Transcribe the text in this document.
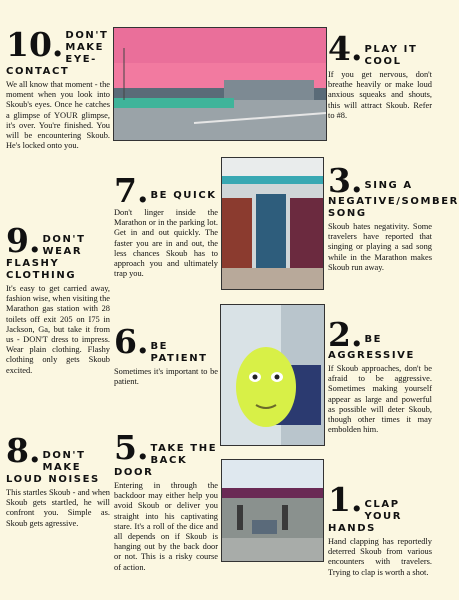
10. DON'T MAKE EYE-CONTACT
We all know that moment - the moment when you look into Skoub's eyes. Once he catches a glimpse of YOUR glimpse, it's over. You're finished. You will be encountering Skoub. He's locked onto you.
4. PLAY IT COOL
If you get nervous, don't breathe heavily or make loud anxious squeaks and shouts, this will attract Skoub. Refer to #8.
7. BE QUICK
Don't linger inside the Marathon or in the parking lot. Get in and out quickly. The faster you are in and out, the less chances Skoub has to approach you and ultimately trap you.
3. SING A NEGATIVE/SOMBER SONG
Skoub hates negativity. Some travelers have reported that singing or playing a sad song while in the Marathon makes Skoub run away.
9. DON'T WEAR FLASHY CLOTHING
It's easy to get carried away, fashion wise, when visiting the Marathon gas station with 28 toilets off exit 205 on I75 in Jackson, Ga, but take it from us - DON'T dress to impress. Wear plain clothing. Flashy clothing only gets Skoub excited.
6. BE PATIENT
Sometimes it's important to be patient.
2. BE AGGRESSIVE
If Skoub approaches, don't be afraid to be aggressive. Sometimes making yourself appear as large and powerful as possible will deter Skoub, though other times it may embolden him.
8. DON'T MAKE LOUD NOISES
This startles Skoub - and when Skoub gets startled, he will confront you. Simple as. Skoub gets agressive.
5. TAKE THE BACK DOOR
Entering in through the backdoor may either help you avoid Skoub or deliver you straight into his captivating stare. It's a roll of the dice and all depends on if Skoub is hanging out by the back door or not. This is a risky course of action.
1. CLAP YOUR HANDS
Hand clapping has reportedly deterred Skoub from various encounters with travelers. Trying to clap is worth a shot.
